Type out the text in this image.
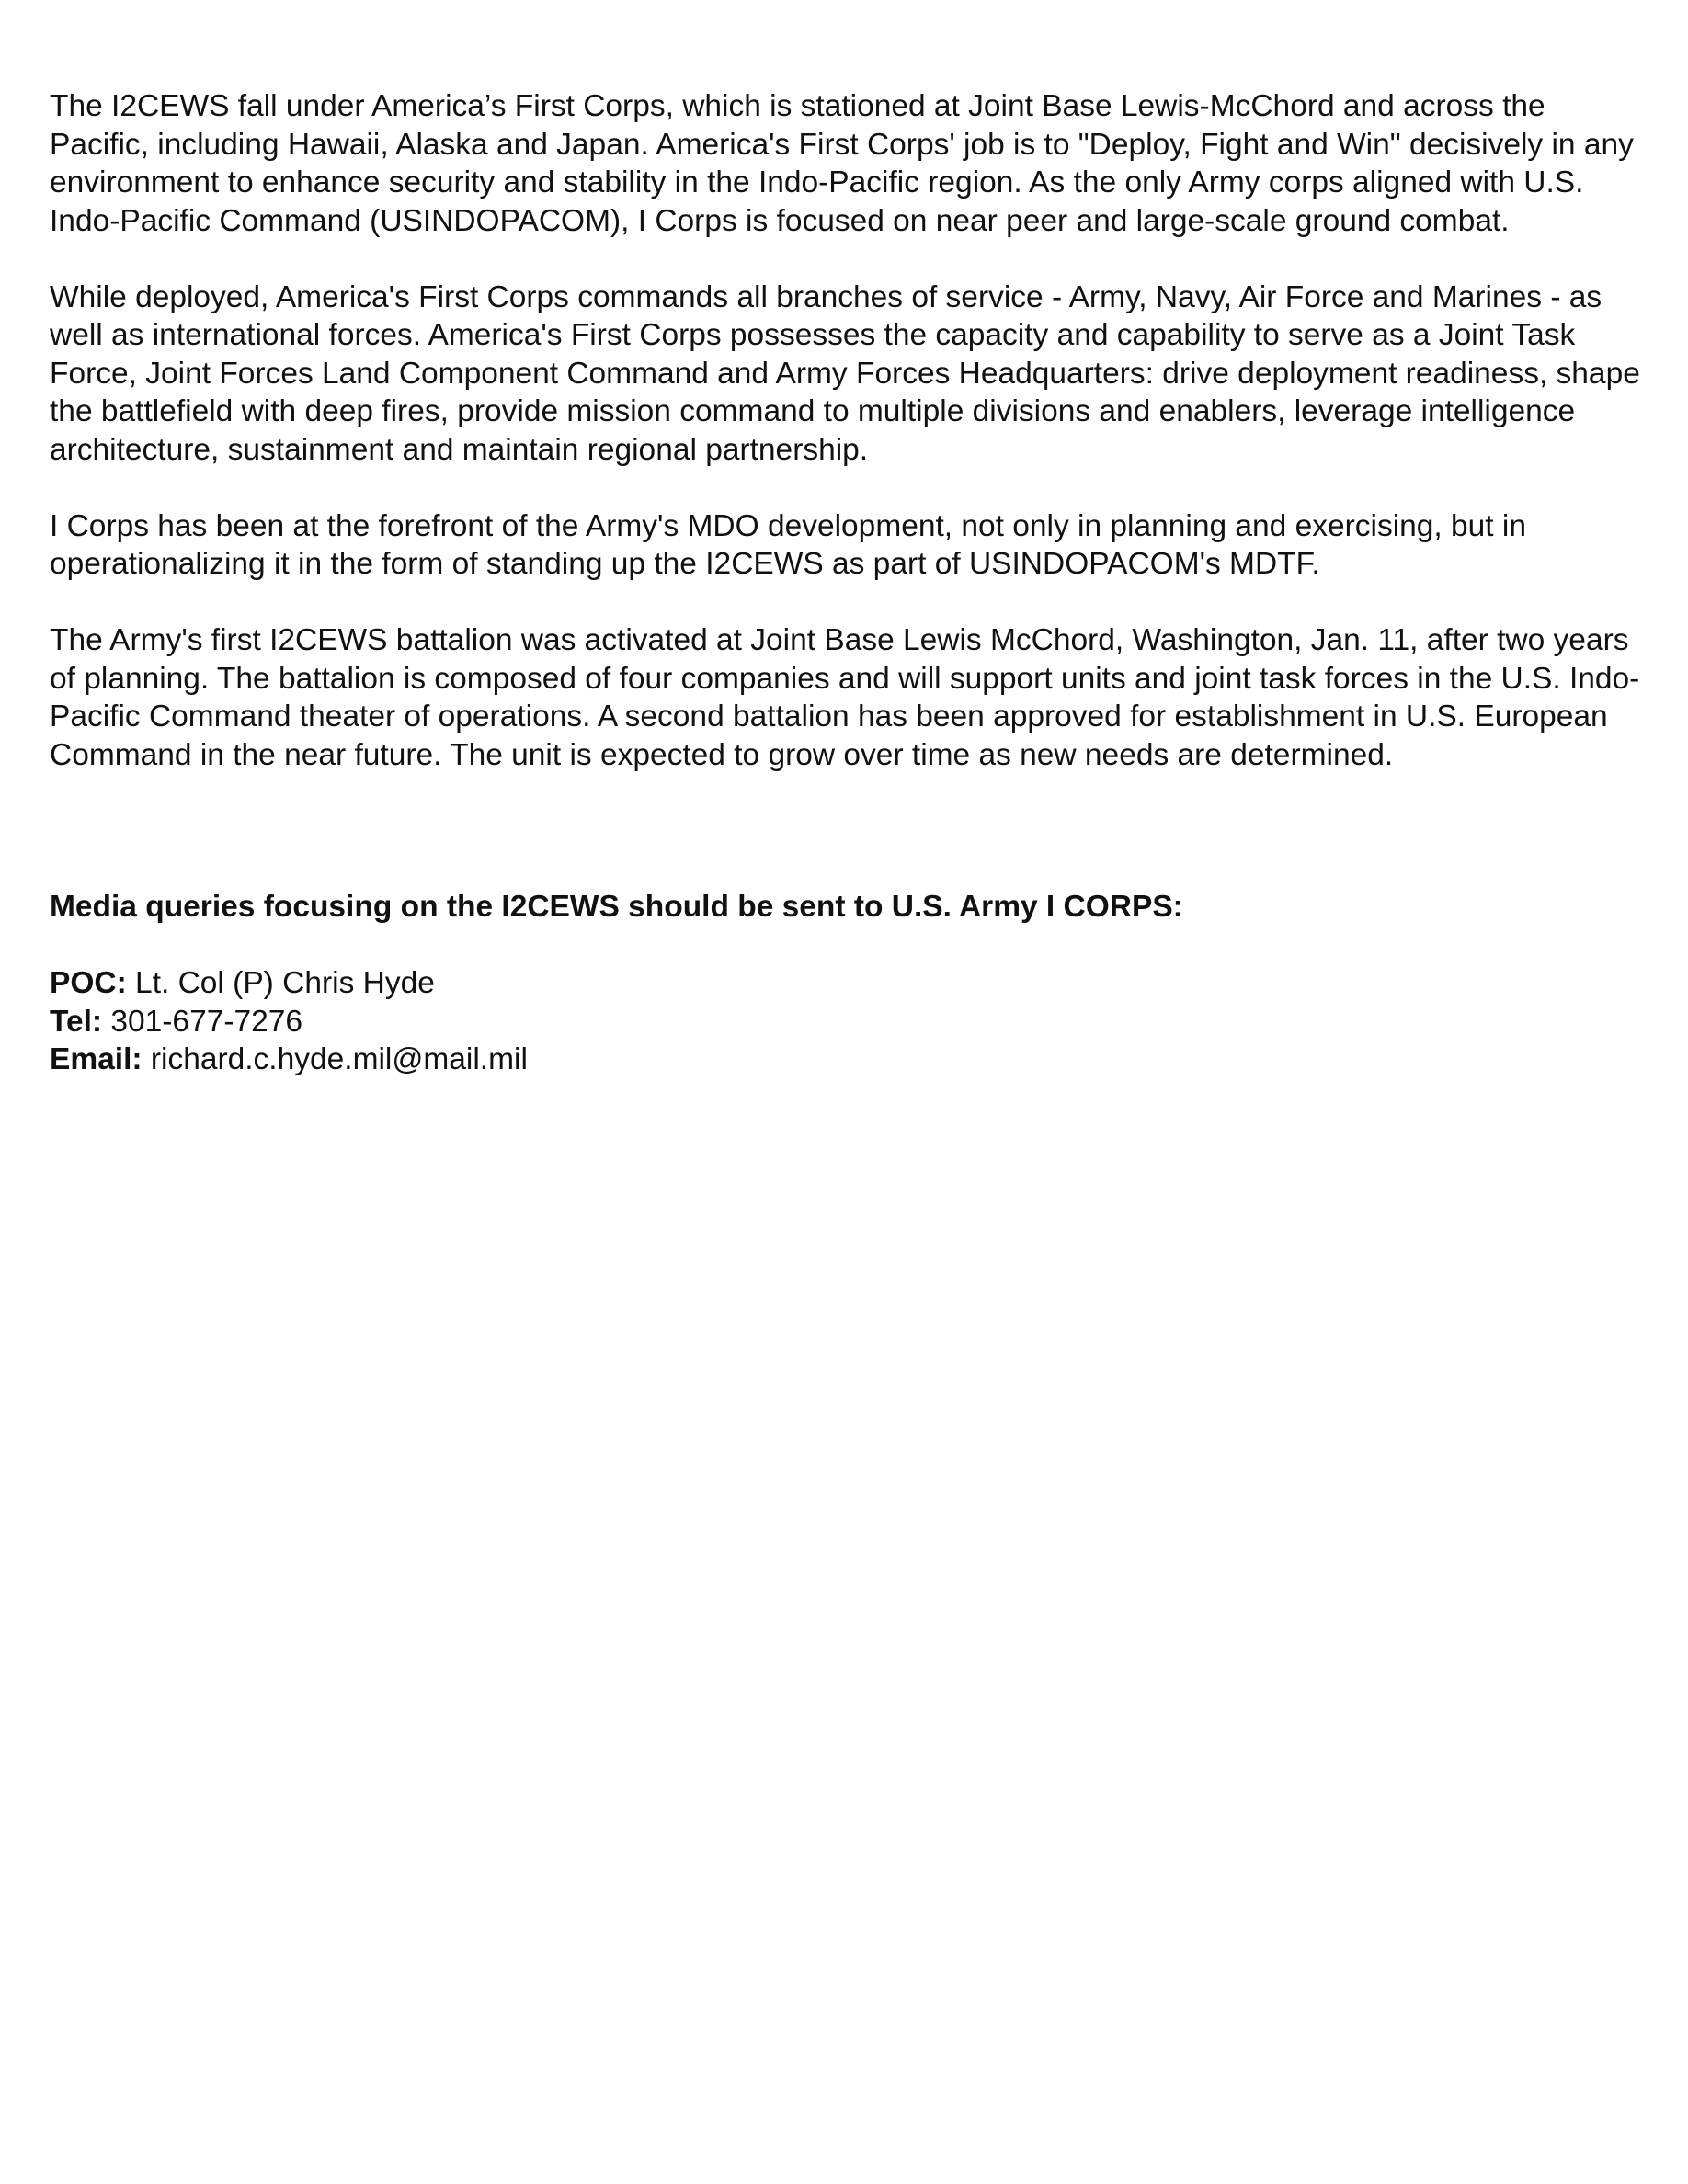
The I2CEWS fall under America’s First Corps, which is stationed at Joint Base Lewis-McChord and across the Pacific, including Hawaii, Alaska and Japan. America's First Corps' job is to "Deploy, Fight and Win" decisively in any environment to enhance security and stability in the Indo-Pacific region. As the only Army corps aligned with U.S. Indo-Pacific Command (USINDOPACOM), I Corps is focused on near peer and large-scale ground combat.

While deployed, America's First Corps commands all branches of service - Army, Navy, Air Force and Marines - as well as international forces. America's First Corps possesses the capacity and capability to serve as a Joint Task Force, Joint Forces Land Component Command and Army Forces Headquarters: drive deployment readiness, shape the battlefield with deep fires, provide mission command to multiple divisions and enablers, leverage intelligence architecture, sustainment and maintain regional partnership.

I Corps has been at the forefront of the Army's MDO development, not only in planning and exercising, but in operationalizing it in the form of standing up the I2CEWS as part of USINDOPACOM's MDTF.

The Army's first I2CEWS battalion was activated at Joint Base Lewis McChord, Washington, Jan. 11, after two years of planning. The battalion is composed of four companies and will support units and joint task forces in the U.S. Indo-Pacific Command theater of operations. A second battalion has been approved for establishment in U.S. European Command in the near future. The unit is expected to grow over time as new needs are determined.

Media queries focusing on the I2CEWS should be sent to U.S. Army I CORPS:

POC: Lt. Col (P) Chris Hyde

Tel: 301-677-7276

Email: richard.c.hyde.mil@mail.mil
